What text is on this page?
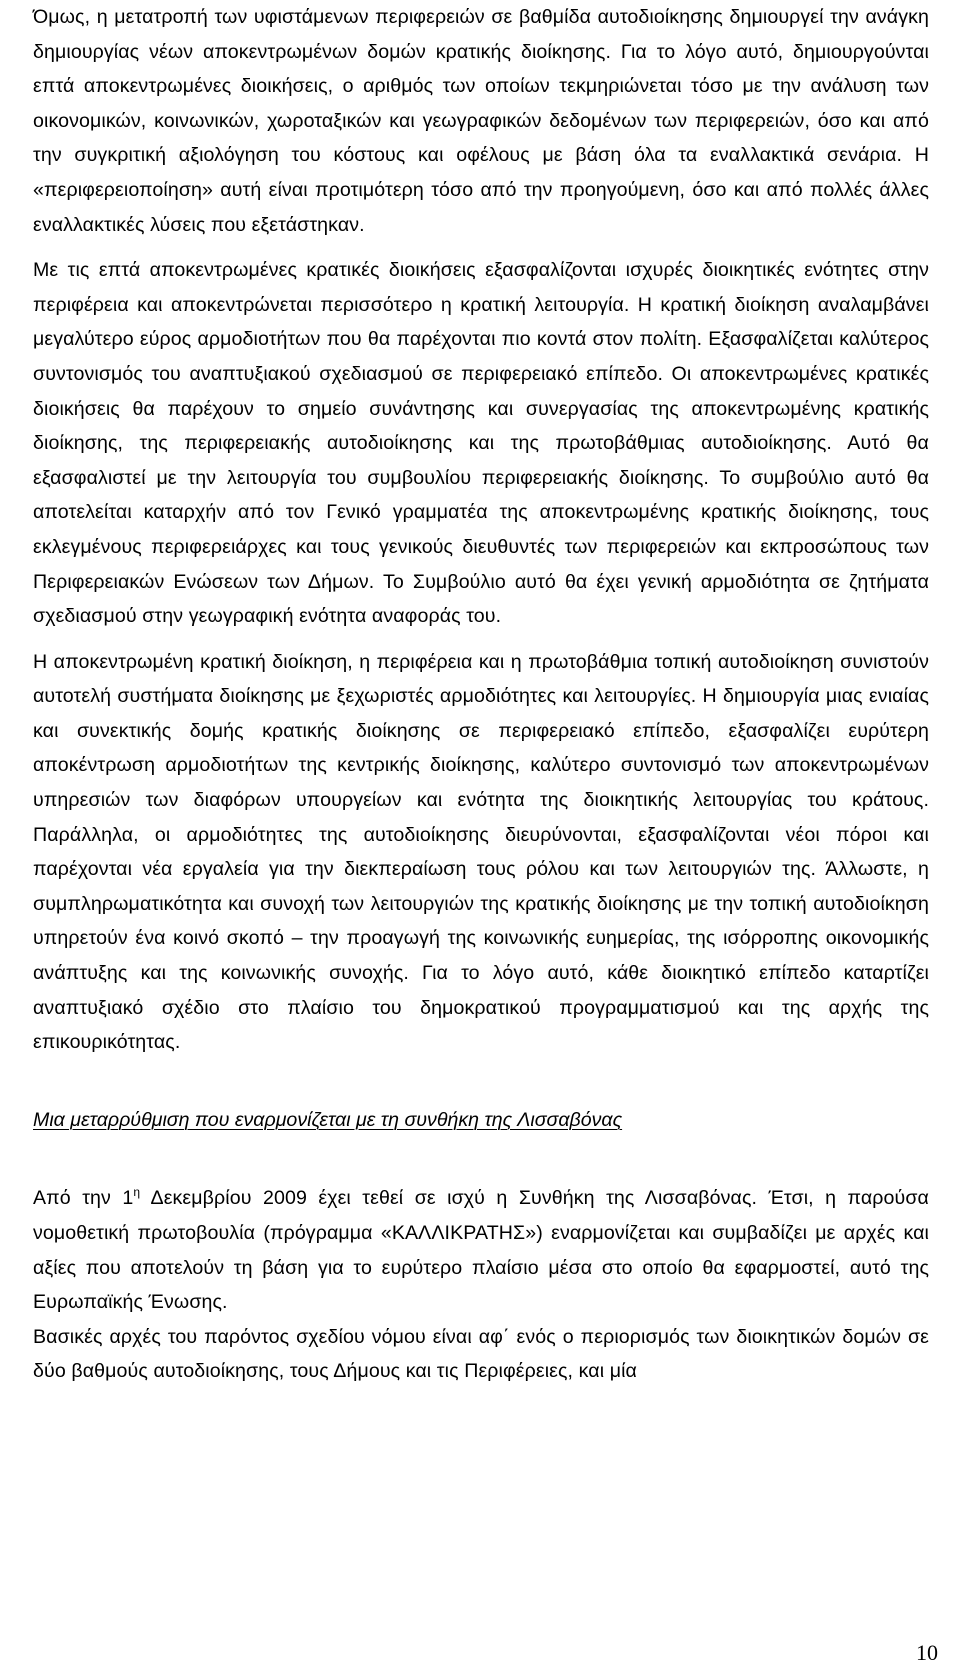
Όμως, η μετατροπή των υφιστάμενων περιφερειών σε βαθμίδα αυτοδιοίκησης δημιουργεί την ανάγκη δημιουργίας νέων αποκεντρωμένων δομών κρατικής διοίκησης. Για το λόγο αυτό, δημιουργούνται επτά αποκεντρωμένες διοικήσεις, ο αριθμός των οποίων τεκμηριώνεται τόσο με την ανάλυση των οικονομικών, κοινωνικών, χωροταξικών και γεωγραφικών δεδομένων των περιφερειών, όσο και από την συγκριτική αξιολόγηση του κόστους και οφέλους με βάση όλα τα εναλλακτικά σενάρια. Η «περιφερειοποίηση» αυτή είναι προτιμότερη τόσο από την προηγούμενη, όσο και από πολλές άλλες εναλλακτικές λύσεις που εξετάστηκαν.

Με τις επτά αποκεντρωμένες κρατικές διοικήσεις εξασφαλίζονται ισχυρές διοικητικές ενότητες στην περιφέρεια και αποκεντρώνεται περισσότερο η κρατική λειτουργία. Η κρατική διοίκηση αναλαμβάνει μεγαλύτερο εύρος αρμοδιοτήτων που θα παρέχονται πιο κοντά στον πολίτη. Εξασφαλίζεται καλύτερος συντονισμός του αναπτυξιακού σχεδιασμού σε περιφερειακό επίπεδο. Οι αποκεντρωμένες κρατικές διοικήσεις θα παρέχουν το σημείο συνάντησης και συνεργασίας της αποκεντρωμένης κρατικής διοίκησης, της περιφερειακής αυτοδιοίκησης και της πρωτοβάθμιας αυτοδιοίκησης. Αυτό θα εξασφαλιστεί με την λειτουργία του συμβουλίου περιφερειακής διοίκησης. Το συμβούλιο αυτό θα αποτελείται καταρχήν από τον Γενικό γραμματέα της αποκεντρωμένης κρατικής διοίκησης, τους εκλεγμένους περιφερειάρχες και τους γενικούς διευθυντές των περιφερειών και εκπροσώπους των Περιφερειακών Ενώσεων των Δήμων. Το Συμβούλιο αυτό θα έχει γενική αρμοδιότητα σε ζητήματα σχεδιασμού στην γεωγραφική ενότητα αναφοράς του.

Η αποκεντρωμένη κρατική διοίκηση, η περιφέρεια και η πρωτοβάθμια τοπική αυτοδιοίκηση συνιστούν αυτοτελή συστήματα διοίκησης με ξεχωριστές αρμοδιότητες και λειτουργίες. Η δημιουργία μιας ενιαίας και συνεκτικής δομής κρατικής διοίκησης σε περιφερειακό επίπεδο, εξασφαλίζει ευρύτερη αποκέντρωση αρμοδιοτήτων της κεντρικής διοίκησης, καλύτερο συντονισμό των αποκεντρωμένων υπηρεσιών των διαφόρων υπουργείων και ενότητα της διοικητικής λειτουργίας του κράτους. Παράλληλα, οι αρμοδιότητες της αυτοδιοίκησης διευρύνονται, εξασφαλίζονται νέοι πόροι και παρέχονται νέα εργαλεία για την διεκπεραίωση τους ρόλου και των λειτουργιών της. Άλλωστε, η συμπληρωματικότητα και συνοχή των λειτουργιών της κρατικής διοίκησης με την τοπική αυτοδιοίκηση υπηρετούν ένα κοινό σκοπό – την προαγωγή της κοινωνικής ευημερίας, της ισόρροπης οικονομικής ανάπτυξης και της κοινωνικής συνοχής. Για το λόγο αυτό, κάθε διοικητικό επίπεδο καταρτίζει αναπτυξιακό σχέδιο στο πλαίσιο του δημοκρατικού προγραμματισμού και της αρχής της επικουρικότητας.

Μια μεταρρύθμιση που εναρμονίζεται με τη συνθήκη της Λισσαβόνας

Από την $1^\eta$ Δεκεμβρίου 2009 έχει τεθεί σε ισχύ η Συνθήκη της Λισσαβόνας. Έτσι, η παρούσα νομοθετική πρωτοβουλία (πρόγραμμα «ΚΑΛΛΙΚΡΑΤΗΣ») εναρμονίζεται και συμβαδίζει με αρχές και αξίες που αποτελούν τη βάση για το ευρύτερο πλαίσιο μέσα στο οποίο θα εφαρμοστεί, αυτό της Ευρωπαϊκής Ένωσης.

Βασικές αρχές του παρόντος σχεδίου νόμου είναι αφ΄ ενός ο περιορισμός των διοικητικών δομών σε δύο βαθμούς αυτοδιοίκησης, τους Δήμους και τις Περιφέρειες, και μία

10
